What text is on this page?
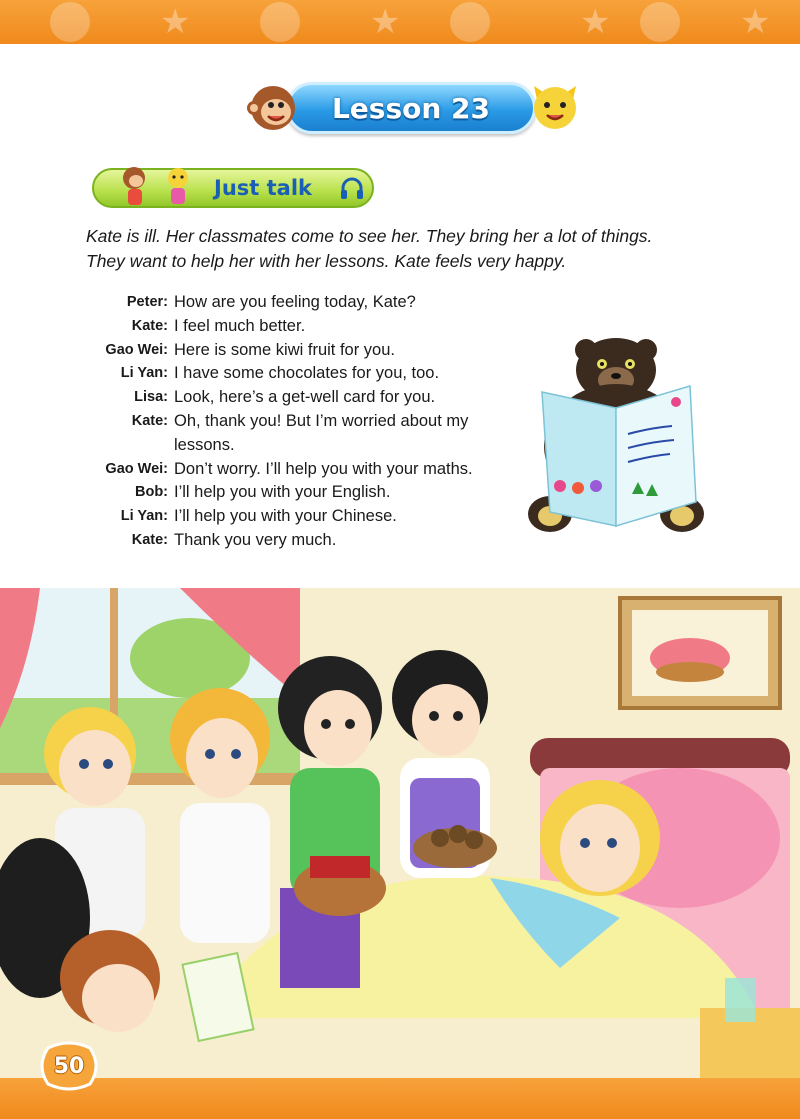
★	★	★	★
Lesson 23
Just talk
Kate is ill. Her classmates come to see her. They bring her a lot of things.
They want to help her with her lessons. Kate feels very happy.
Peter: How are you feeling today, Kate?
Kate: I feel much better.
Gao Wei: Here is some kiwi fruit for you.
Li Yan: I have some chocolates for you, too.
Lisa: Look, here’s a get-well card for you.
Kate: Oh, thank you! But I’m worried about my
lessons.
Gao Wei: Don’t worry. I’ll help you with your maths.
Bob: I’ll help you with your English.
Li Yan: I’ll help you with your Chinese.
Kate: Thank you very much.
50
